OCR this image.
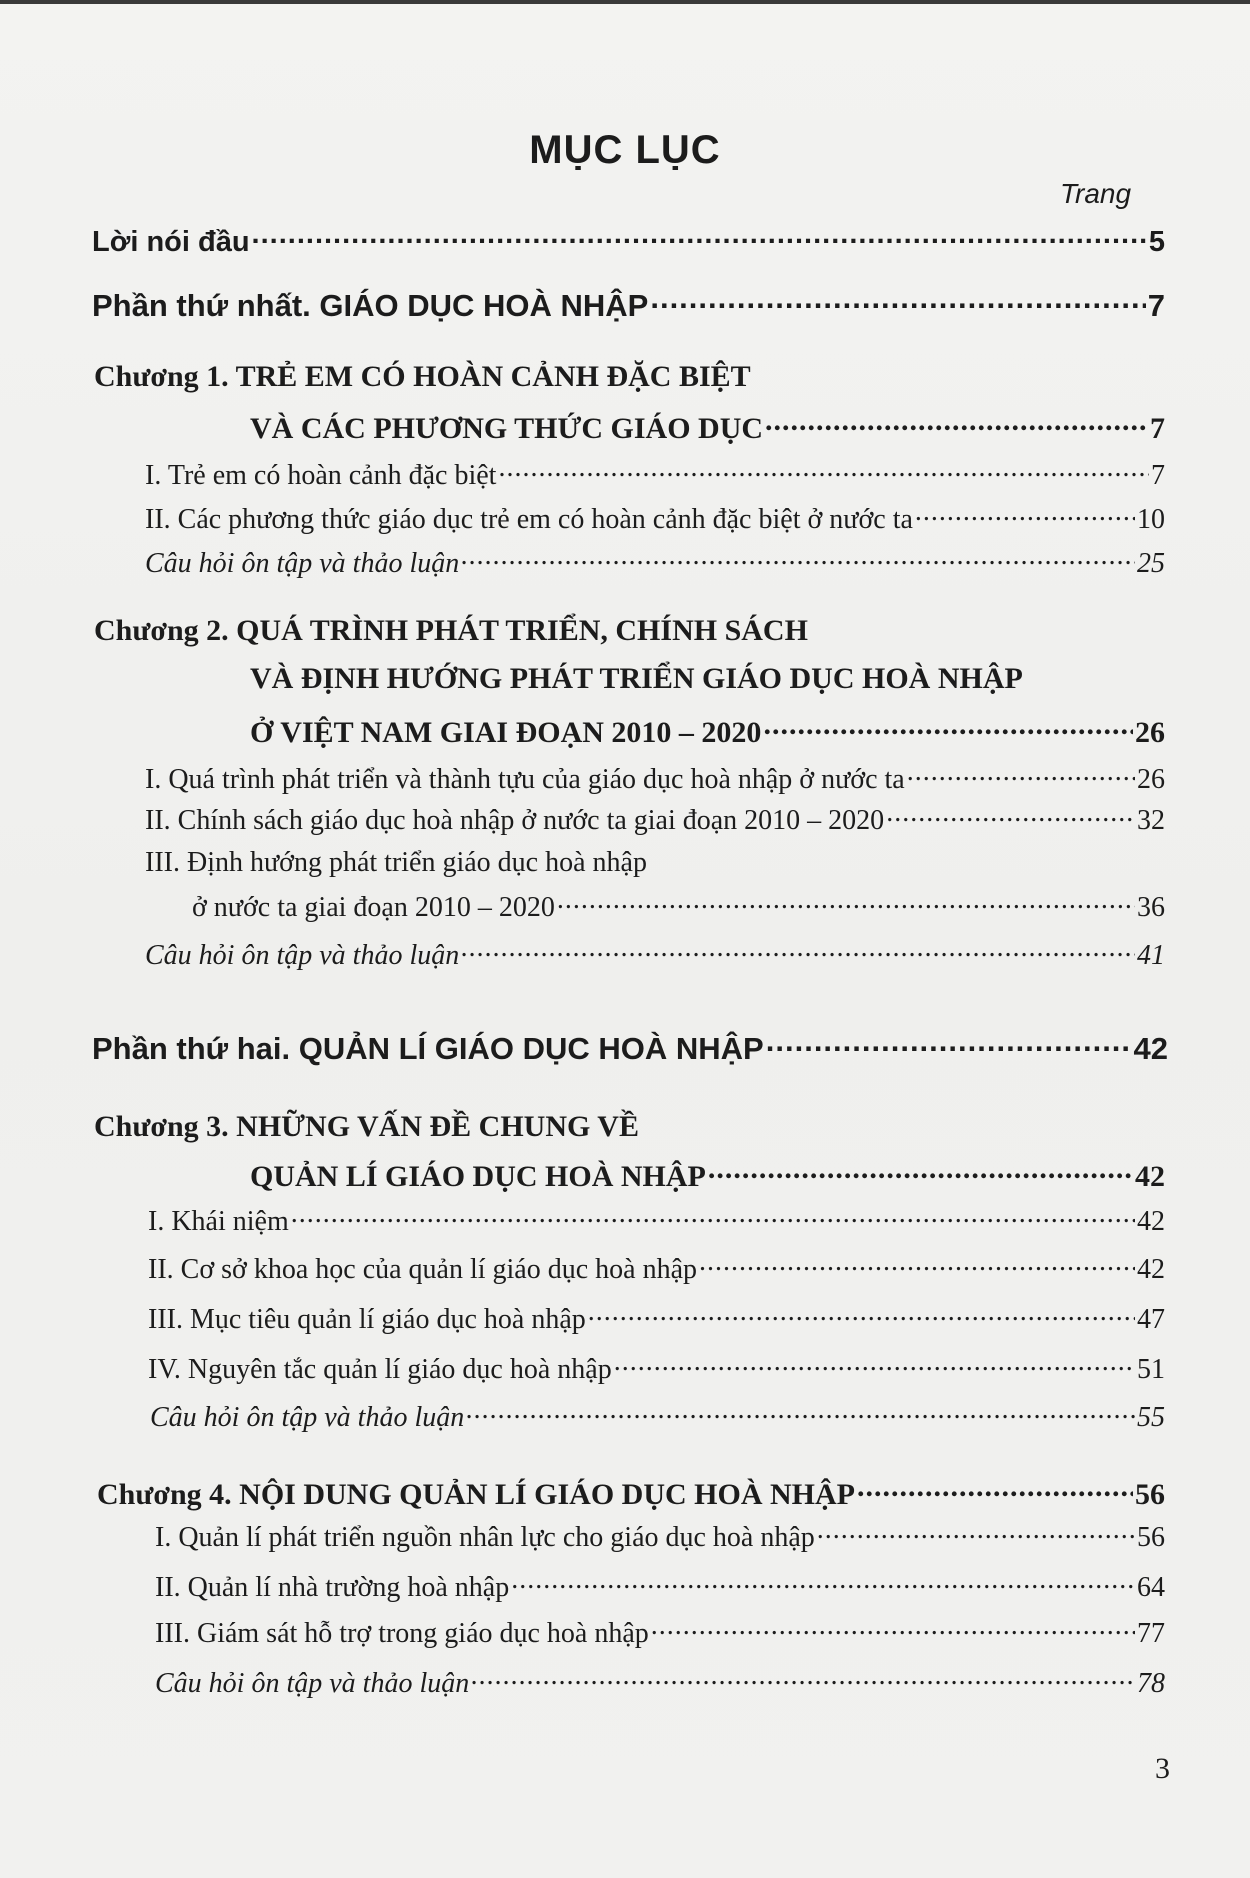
MỤC LỤC
Trang
Lời nói đầu .....	5
Phần thứ nhất. GIÁO DỤC HOÀ NHẬP .....	7
Chương 1. TRẺ EM CÓ HOÀN CẢNH ĐẶC BIỆT
VÀ CÁC PHƯƠNG THỨC GIÁO DỤC .....	7
I. Trẻ em có hoàn cảnh đặc biệt .....	7
II. Các phương thức giáo dục trẻ em có hoàn cảnh đặc biệt ở nước ta .....	10
Câu hỏi ôn tập và thảo luận .....	25
Chương 2. QUÁ TRÌNH PHÁT TRIỂN, CHÍNH SÁCH
VÀ ĐỊNH HƯỚNG PHÁT TRIỂN GIÁO DỤC HOÀ NHẬP
Ở VIỆT NAM GIAI ĐOẠN 2010 – 2020 .....	26
I. Quá trình phát triển và thành tựu của giáo dục hoà nhập ở nước ta .....	26
II. Chính sách giáo dục hoà nhập ở nước ta giai đoạn 2010 – 2020 .....	32
III. Định hướng phát triển giáo dục hoà nhập
ở nước ta giai đoạn 2010 – 2020 .....	36
Câu hỏi ôn tập và thảo luận .....	41
Phần thứ hai. QUẢN LÍ GIÁO DỤC HOÀ NHẬP .....	42
Chương 3. NHỮNG VẤN ĐỀ CHUNG VỀ
QUẢN LÍ GIÁO DỤC HOÀ NHẬP .....	42
I. Khái niệm .....	42
II. Cơ sở khoa học của quản lí giáo dục hoà nhập .....	42
III. Mục tiêu quản lí giáo dục hoà nhập .....	47
IV. Nguyên tắc quản lí giáo dục hoà nhập .....	51
Câu hỏi ôn tập và thảo luận .....	55
Chương 4. NỘI DUNG QUẢN LÍ GIÁO DỤC HOÀ NHẬP .....	56
I. Quản lí phát triển nguồn nhân lực cho giáo dục hoà nhập .....	56
II. Quản lí nhà trường hoà nhập .....	64
III. Giám sát hỗ trợ trong giáo dục hoà nhập .....	77
Câu hỏi ôn tập và thảo luận .....	78
3
